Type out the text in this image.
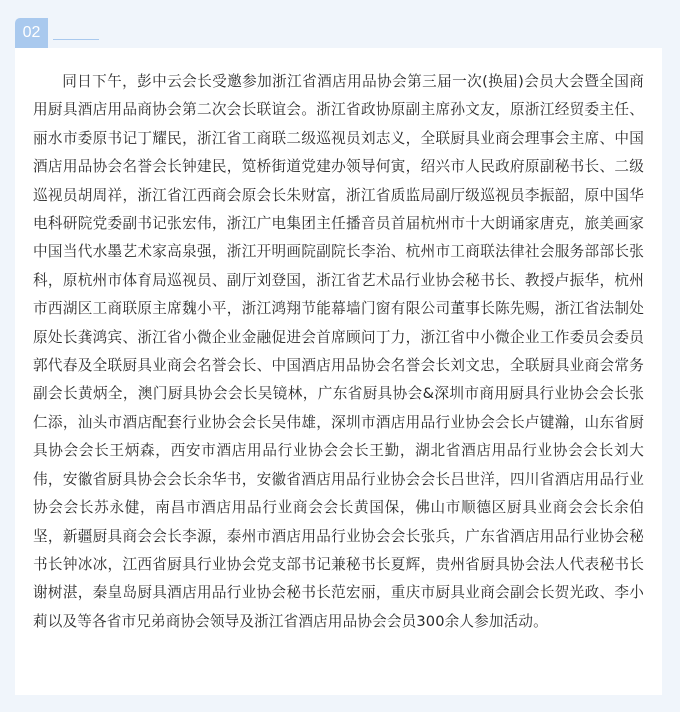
02

同日下午，彭中云会长受邀参加浙江省酒店用品协会第三届一次(换届)会员大会暨全国商用厨具酒店用品商协会第二次会长联谊会。浙江省政协原副主席孙文友，原浙江经贸委主任、丽水市委原书记丁耀民，浙江省工商联二级巡视员刘志义，全联厨具业商会理事会主席、中国酒店用品协会名誉会长钟建民，笕桥街道党建办领导何寅，绍兴市人民政府原副秘书长、二级巡视员胡周祥，浙江省江西商会原会长朱财富，浙江省质监局副厅级巡视员李振韶，原中国华电科研院党委副书记张宏伟，浙江广电集团主任播音员首届杭州市十大朗诵家唐克，旅美画家中国当代水墨艺术家高泉强，浙江开明画院副院长李治、杭州市工商联法律社会服务部部长张科，原杭州市体育局巡视员、副厅刘登国，浙江省艺术品行业协会秘书长、教授卢振华，杭州市西湖区工商联原主席魏小平，浙江鸿翔节能幕墙门窗有限公司董事长陈先赐，浙江省法制处原处长龚鸿宾、浙江省小微企业金融促进会首席顾问丁力，浙江省中小微企业工作委员会委员郭代春及全联厨具业商会名誉会长、中国酒店用品协会名誉会长刘文忠，全联厨具业商会常务副会长黄炳全，澳门厨具协会会长吴镜林，广东省厨具协会&深圳市商用厨具行业协会会长张仁添，汕头市酒店配套行业协会会长吴伟雄，深圳市酒店用品行业协会会长卢键瀚，山东省厨具协会会长王炳森，西安市酒店用品行业协会会长王勤，湖北省酒店用品行业协会会长刘大伟，安徽省厨具协会会长余华书，安徽省酒店用品行业协会会长吕世洋，四川省酒店用品行业协会会长苏永健，南昌市酒店用品行业商会会长黄国保，佛山市顺德区厨具业商会会长余伯坚，新疆厨具商会会长李源，泰州市酒店用品行业协会会长张兵，广东省酒店用品行业协会秘书长钟冰冰，江西省厨具行业协会党支部书记兼秘书长夏辉，贵州省厨具协会法人代表秘书长谢树湛，秦皇岛厨具酒店用品行业协会秘书长范宏丽，重庆市厨具业商会副会长贺光政、李小莉以及等各省市兄弟商协会领导及浙江省酒店用品协会会员300余人参加活动。
